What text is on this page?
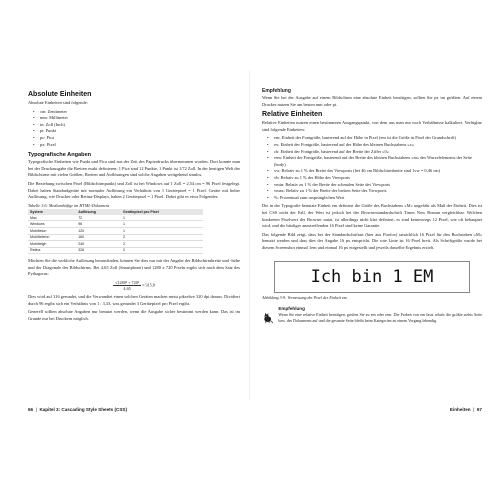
Absolute Einheiten

Absolute Einheiten sind folgende:

• cm: Zentimeter
• mm: Millimeter
• in: Zoll (Inch)
• pt: Punkt
• pc: Pica
• px: Pixel
Typografische Angaben

Typografische Einheiten wie Punkt und Pica sind aus der Zeit des Papierdrucks übernommen worden. Dort konnte man bei der Druckausgabe die Breiten exakt definieren; 1 Pica sind 12 Punkte, 1 Punkt ist 1/72 Zoll. In der heutigen Welt der Bildschirme mit vielen Größen, Breiten und Auflösungen sind solche Angaben weitgehend sinnlos.

Die Beziehung zwischen Pixel (Bildschirmpunkt) und Zoll ist bei Windows auf 1 Zoll = 2,54 cm = 96 Pixel festgelegt. Dabei haben Standardgeräte mit normaler Auflösung ein Verhältnis von 1 Gerätepixel = 1 Pixel. Geräte mit hoher Auflösung, wie Drucker oder Retina-Displays, haben 2 Gerätepixel = 1 Pixel. Dabei gibt es etwa Folgendes:

Tabelle 3.6: Mediumhöfige im HTML-Dokument
System	Auflösung	Gerätepixel pro Pixel
Mac	72	1
Windows	96	1
Mobiltelon	120	1
Mobiltelefon	160	2
Mobiltelgh	240	2
Retina	326	2

Möchten Sie die wirkliche Auflösung herausfinden, können Sie dies nur mit der Angabe der Bildschirmbreite und -höhe und der Diagonale des Bildschirms. Bei 4,65 Zoll (Smartphone) und 1280 x 720 Pixeln ergibt sich nach dem Satz des Pythagoras:

$\frac{\text{√1280² + 720²}}{4,65} \approx 315,8$

Dies wird auf 316 gerundet, und die Verwandtet einen solchen Geräten machen meist pikselwe 320 dpi daraus. Dividiert durch 96 ergibt sich ein Verhältnis von 1 : 3,33, was gerundet 3 Gerätepixel pro Pixel ergibt.

Generell sollten absolute Angaben nur benutzt werden, wenn die Ausgabe sicher bestimmt werden kann. Das ist im Grunde nur bei Druckern möglich.

66  |  Kapitel 3: Cascading Style Sheets (CSS)
Empfehlung

Wenn Sie bei der Ausgabe auf einem Bildschirm eine absolute Einheit benötigen, sollten Sie px im größten. Auf einem Drucker nutzen Sie am besten mm oder pt.

Relative Einheiten

Relative Einheiten nutzen einen bestimmten Ausgangspunkt, von dem aus man nur noch Verhältnisse kalkuliert. Verfügbar sind folgende Einheiten:

• em: Einheit der Fontgröße, basierend auf der Höhe in Pixel (em ist die Größe in Pixel der Grundschrift)
• ex: Einheit der Fontgröße, basierend auf der Höhe des kleinen Buchstabens »x«
• ch: Einheit der Fontgröße, basierend auf der Breite der Ziffer »0«
• rem: Einheit der Fontgröße, basierend auf der Breite des kleinen Buchstabens »m« des Wurzelelements der Seite (body)
• vw: Relativ zu 1 % der Breite des Viewports (bei 46 cm Bildschirmbreite sind 1vw = 0,46 cm)
• vh: Relativ zu 1 % der Höhe des Viewports
• vmin: Relativ zu 1 % der Breite der schmalen Seite des Viewports
• vmax: Relativ zu 1 % der Breite der breiten Seite des Viewports
• %: Prozentual zum ursprünglichen Wert

Die in der Typografie benutzte Einheit em definiert die Größe des Buchstabens »M« ungefähr als Maß der Einheit. Dies ist bei CSS nicht der Fall, der Wert ist jedoch bei der Browserstandardschrift Times New Roman vergleichbar. Welchen konkreten Pixelwert der Browser nutzt, ist allerdings nicht klar definiert, es sind keineswegs 12 Pixel, wie oft behauptet wird, und die häufiger anzutreffenden 16 Pixel sind keine Garantie.

Das folgende Bild zeigt, dass bei der Standardschriftart (hier aus Firefox) tatsächlich 16 Pixel für den Buchstaben »M« benutzt werden und dass dies der Angabe 16 px entspricht. Die rote Linie ist 16 Pixel breit. Als Schriftgröße wurde bei diesem Screenshot einmal 1em und einmal 16 px eingestellt und jeweils dasselbe Ergebnis erzielt.

Ich bin 1 EM
Abbildung 3-9: Vermessung der Pixel der Einheit em.
Empfehlung

Wenn Sie eine relative Einheit benötigen, greifen Sie zu em oder rem. Die Farben von em fasst relativ die größte stehts Seite bzw. des Dokuments auf und die gesamte Seite bleibt beim Kategorien zu einem Vorgang lebendig.

Einheiten  |  67
